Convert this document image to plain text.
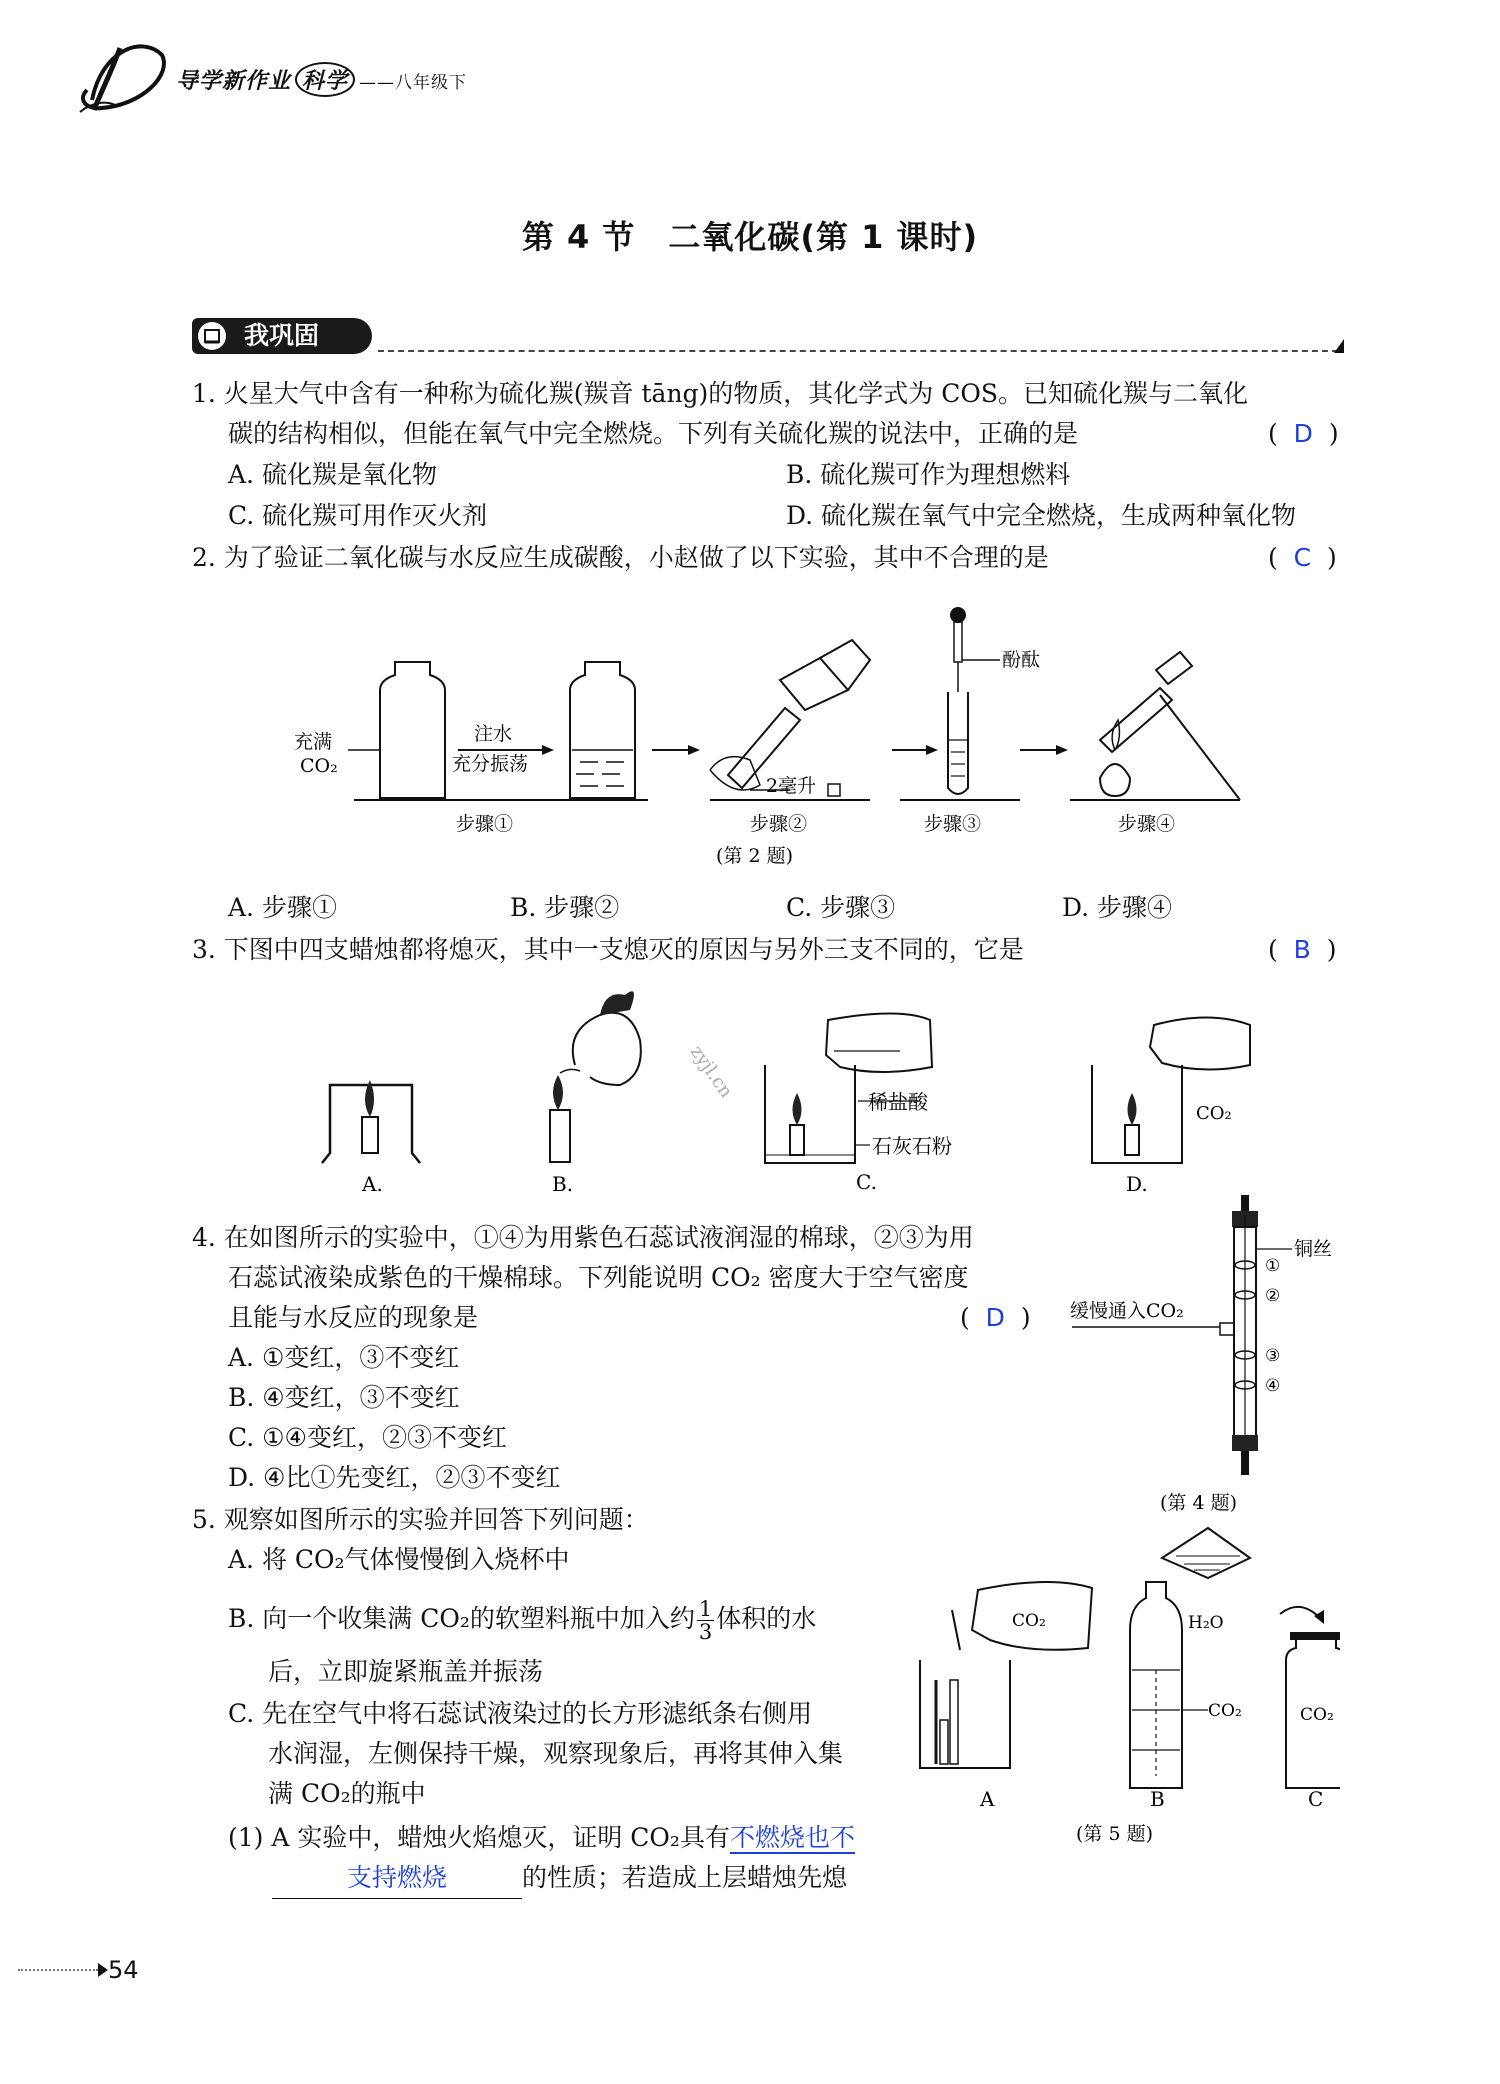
导学新作业 科学 ——八年级下
第 4 节　二氧化碳(第 1 课时)
我巩固
1. 火星大气中含有一种称为硫化羰(羰音 tāng)的物质，其化学式为 COS。已知硫化羰与二氧化
碳的结构相似，但能在氧气中完全燃烧。下列有关硫化羰的说法中，正确的是	(  D  )
A. 硫化羰是氧化物	B. 硫化羰可作为理想燃料
C. 硫化羰可用作灭火剂	D. 硫化羰在氧气中完全燃烧，生成两种氧化物
2. 为了验证二氧化碳与水反应生成碳酸，小赵做了以下实验，其中不合理的是	(  C  )
充满
CO₂
注水
充分振荡
2毫升
酚酞
步骤①	步骤②	步骤③	步骤④
(第 2 题)
A. 步骤①	B. 步骤②	C. 步骤③	D. 步骤④
3. 下图中四支蜡烛都将熄灭，其中一支熄灭的原因与另外三支不同的，它是	(  B  )
zyjl.cn
A.	B.	C.	D.
稀盐酸
石灰石粉
CO₂
4. 在如图所示的实验中，①④为用紫色石蕊试液润湿的棉球，②③为用
石蕊试液染成紫色的干燥棉球。下列能说明 CO₂ 密度大于空气密度
且能与水反应的现象是	(  D  )
A. ①变红，③不变红
B. ④变红，③不变红
C. ①④变红，②③不变红
D. ④比①先变红，②③不变红
铜丝
缓慢通入CO₂
①
②
③
④
(第 4 题)
5. 观察如图所示的实验并回答下列问题：
A. 将 CO₂气体慢慢倒入烧杯中
B. 向一个收集满 CO₂的软塑料瓶中加入约 $\frac{1}{3}$ 体积的水
后，立即旋紧瓶盖并振荡
C. 先在空气中将石蕊试液染过的长方形滤纸条右侧用
水润湿，左侧保持干燥，观察现象后，再将其伸入集
满 CO₂的瓶中
(1) A 实验中，蜡烛火焰熄灭，证明 CO₂具有不燃烧也不
支持燃烧	的性质；若造成上层蜡烛先熄
CO₂	H₂O
CO₂	CO₂
A	B	C
(第 5 题)
54
